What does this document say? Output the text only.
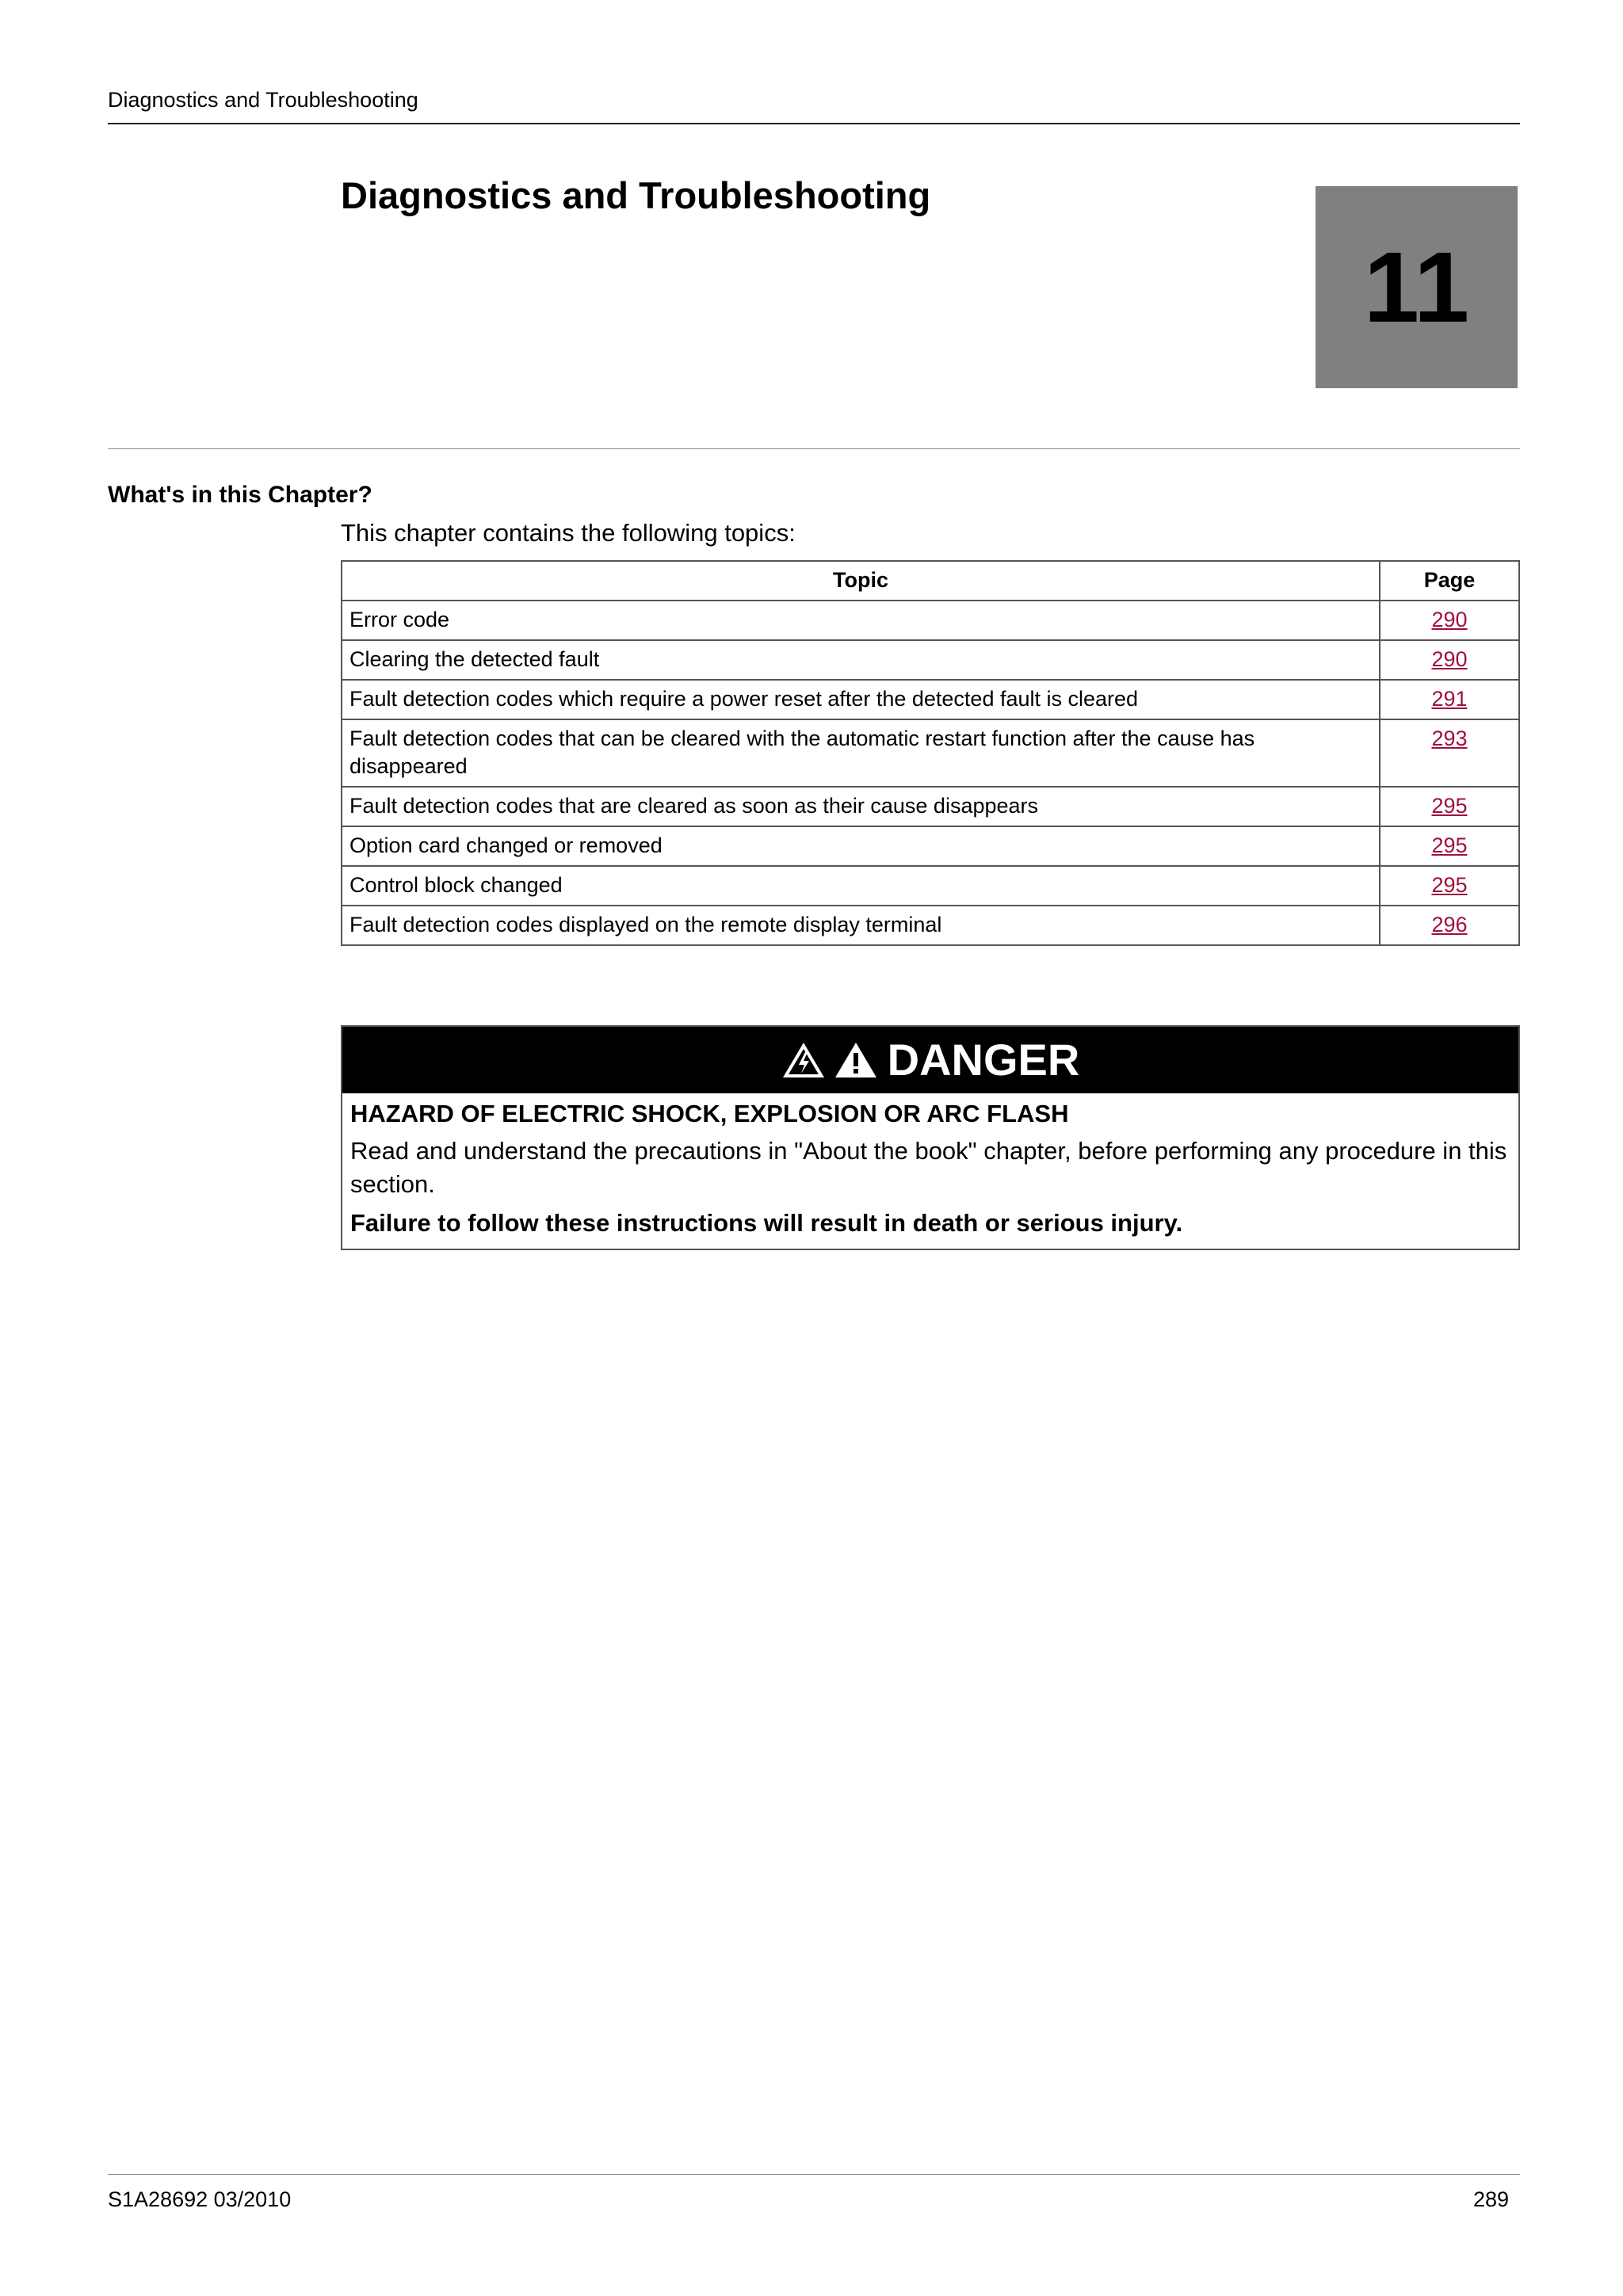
Diagnostics and Troubleshooting
Diagnostics and Troubleshooting
11
What's in this Chapter?
This chapter contains the following topics:
Topic	Page
Error code	290
Clearing the detected fault	290
Fault detection codes which require a power reset after the detected fault is cleared	291
Fault detection codes that can be cleared with the automatic restart function after the cause has disappeared	293
Fault detection codes that are cleared as soon as their cause disappears	295
Option card changed or removed	295
Control block changed	295
Fault detection codes displayed on the remote display terminal	296
DANGER
HAZARD OF ELECTRIC SHOCK, EXPLOSION OR ARC FLASH
Read and understand the precautions in "About the book" chapter, before performing any procedure in this section.
Failure to follow these instructions will result in death or serious injury.
S1A28692 03/2010	289
